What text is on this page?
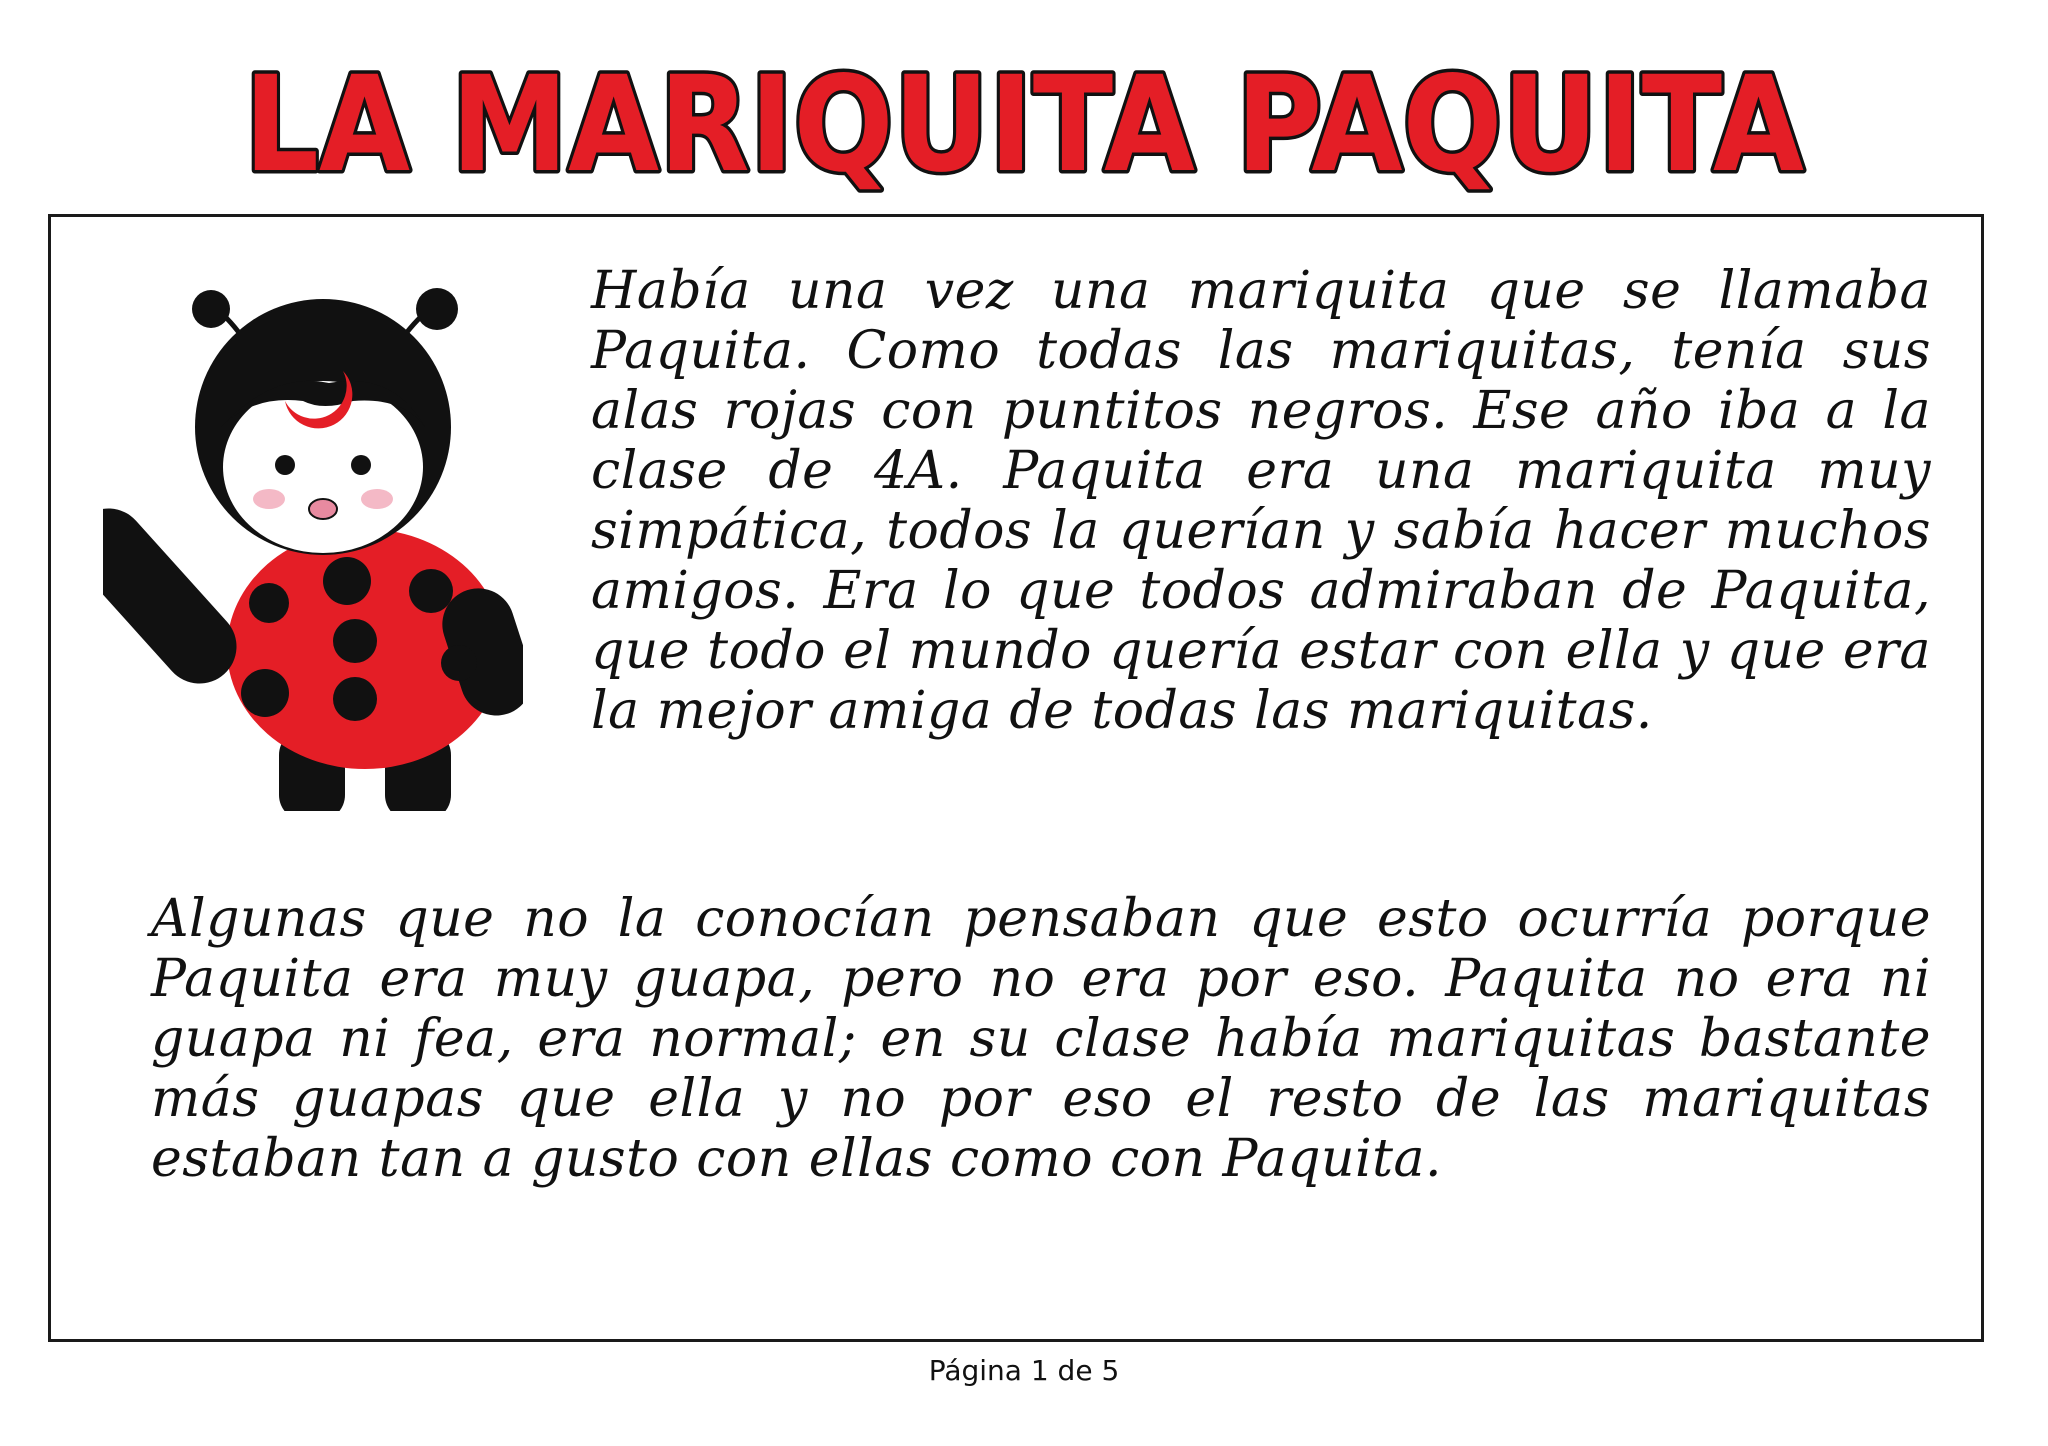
LA MARIQUITA PAQUITA

Había una vez una mariquita que se llamaba Paquita. Como todas las mariquitas, tenía sus alas rojas con puntitos negros. Ese año iba a la clase de 4A. Paquita era una mariquita muy simpática, todos la querían y sabía hacer muchos amigos. Era lo que todos admiraban de Paquita, que todo el mundo quería estar con ella y que era la mejor amiga de todas las mariquitas.

Algunas que no la conocían pensaban que esto ocurría porque Paquita era muy guapa, pero no era por eso. Paquita no era ni guapa ni fea, era normal; en su clase había mariquitas bastante más guapas que ella y no por eso el resto de las mariquitas estaban tan a gusto con ellas como con Paquita.

Página 1 de 5
